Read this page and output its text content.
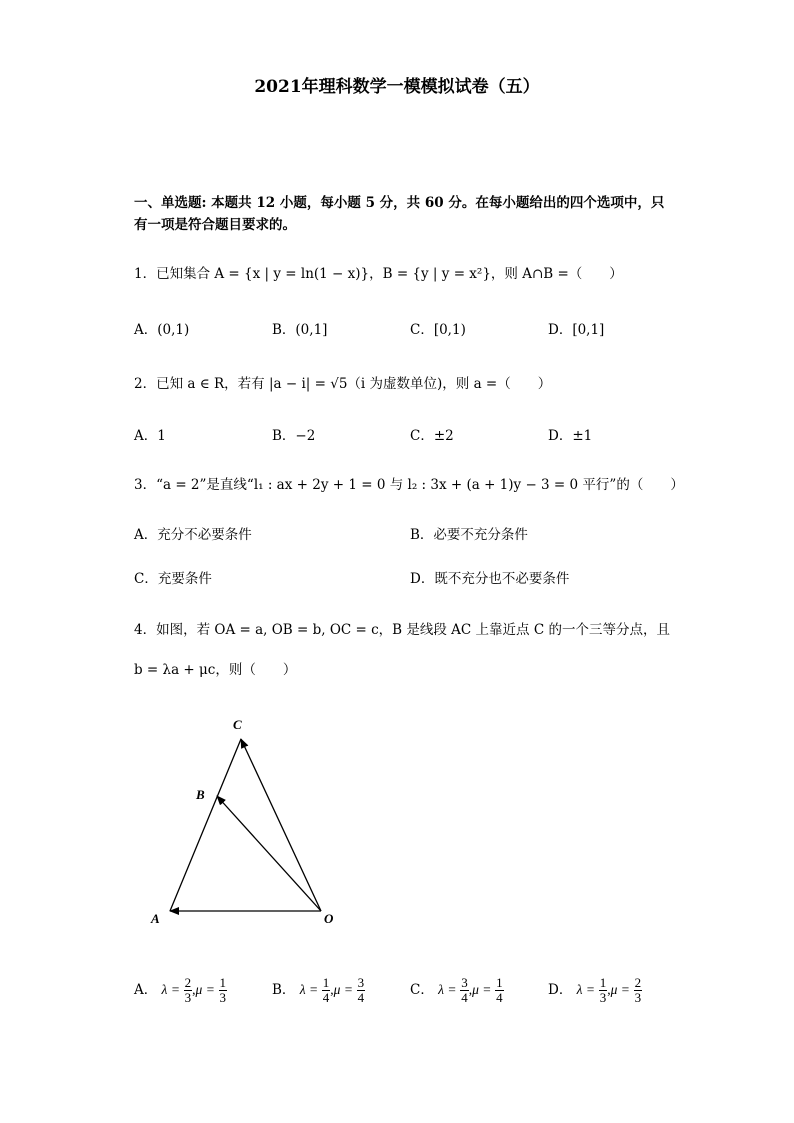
2021年理科数学一模模拟试卷（五）
一、单选题: 本题共 12 小题，每小题 5 分，共 60 分。在每小题给出的四个选项中，只
有一项是符合题目要求的。
1．已知集合 A = {x | y = ln(1 − x)}，B = {y | y = x²}，则 A∩B =（　　）
A．(0,1)	B．(0,1]	C．[0,1)	D．[0,1]
2．已知 a ∈ R，若有 |a − i| = √5（i 为虚数单位)，则 a =（　　）
A．1	B．−2	C．±2	D．±1
3．“a = 2”是直线“l₁ : ax + 2y + 1 = 0 与 l₂ : 3x + (a + 1)y − 3 = 0 平行”的（　　）
A．充分不必要条件	B．必要不充分条件
C．充要条件	D．既不充分也不必要条件
4．如图，若 OA = a, OB = b, OC = c，B 是线段 AC 上靠近点 C 的一个三等分点，且
b = λa + μc，则（　　）
C
B
A	O
A． $\lambda = \frac{2}{3} ,\mu = \frac{1}{3}$	B． $\lambda = \frac{1}{4} ,\mu = \frac{3}{4}$	C． $\lambda = \frac{3}{4} ,\mu = \frac{1}{4}$	D． $\lambda = \frac{1}{3} ,\mu = \frac{2}{3}$
